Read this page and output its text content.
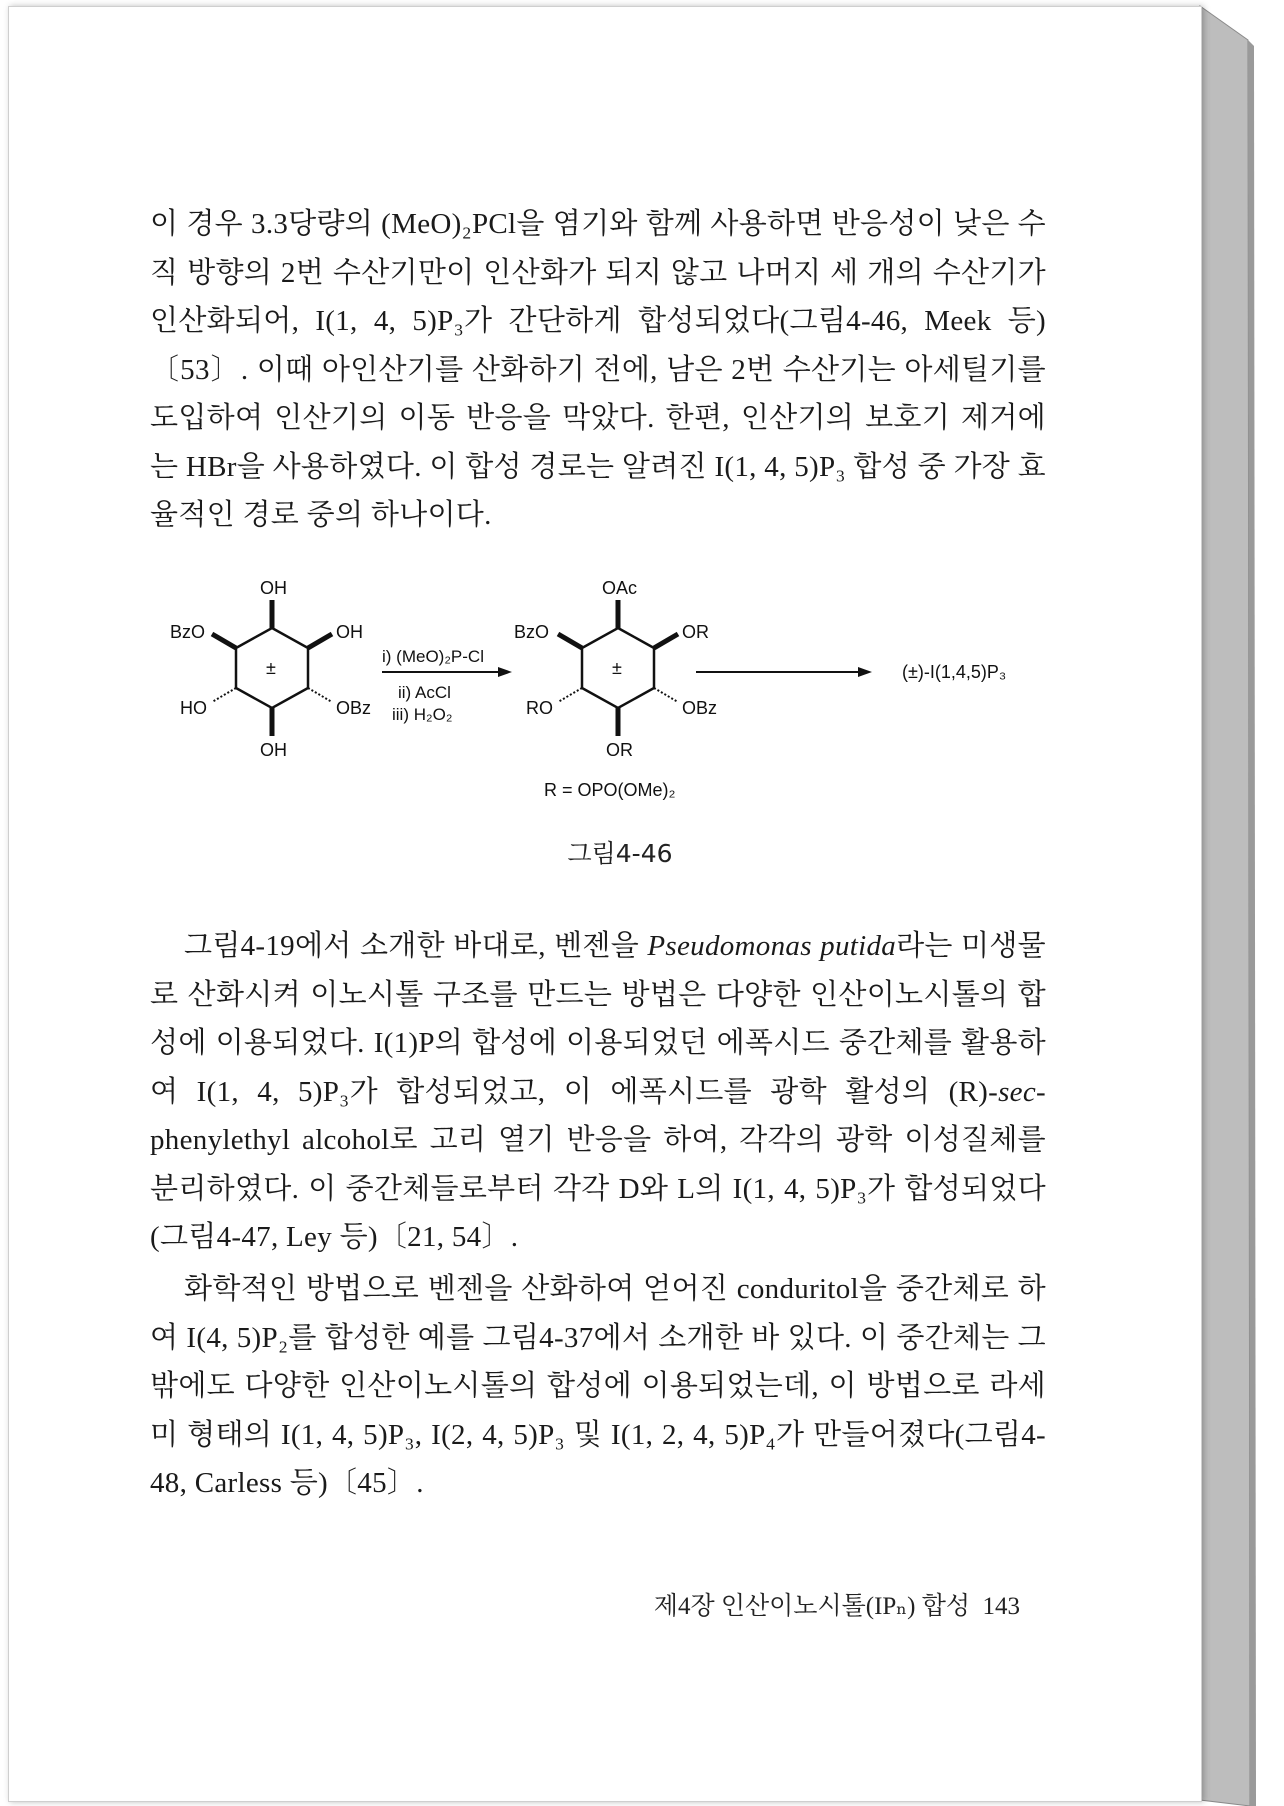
이 경우 3.3당량의 (MeO)₂PCl을 염기와 함께 사용하면 반응성이 낮은 수직 방향의 2번 수산기만이 인산화가 되지 않고 나머지 세 개의 수산기가 인산화되어, I(1, 4, 5)P₃가 간단하게 합성되었다(그림4-46, Meek 등)〔53〕. 이때 아인산기를 산화하기 전에, 남은 2번 수산기는 아세틸기를 도입하여 인산기의 이동 반응을 막았다. 한편, 인산기의 보호기 제거에는 HBr을 사용하였다. 이 합성 경로는 알려진 I(1, 4, 5)P₃ 합성 중 가장 효율적인 경로 중의 하나이다.
OH
BzO	OH
±
HO	OBz
OH
i) (MeO)₂P-Cl
ii) AcCl
iii) H₂O₂
OAc
BzO	OR
±
RO	OBz
OR
R = OPO(OMe)₂
(±)-I(1,4,5)P₃
그림4-46
그림4-19에서 소개한 바대로, 벤젠을 Pseudomonas putida라는 미생물로 산화시켜 이노시톨 구조를 만드는 방법은 다양한 인산이노시톨의 합성에 이용되었다. I(1)P의 합성에 이용되었던 에폭시드 중간체를 활용하여 I(1, 4, 5)P₃가 합성되었고, 이 에폭시드를 광학 활성의 (R)-sec-phenylethyl alcohol로 고리 열기 반응을 하여, 각각의 광학 이성질체를 분리하였다. 이 중간체들로부터 각각 D와 L의 I(1, 4, 5)P₃가 합성되었다(그림4-47, Ley 등)〔21, 54〕.
화학적인 방법으로 벤젠을 산화하여 얻어진 conduritol을 중간체로 하여 I(4, 5)P₂를 합성한 예를 그림4-37에서 소개한 바 있다. 이 중간체는 그 밖에도 다양한 인산이노시톨의 합성에 이용되었는데, 이 방법으로 라세미 형태의 I(1, 4, 5)P₃, I(2, 4, 5)P₃ 및 I(1, 2, 4, 5)P₄가 만들어졌다(그림4-48, Carless 등)〔45〕.
제4장 인산이노시톨(IPₙ) 합성 143
